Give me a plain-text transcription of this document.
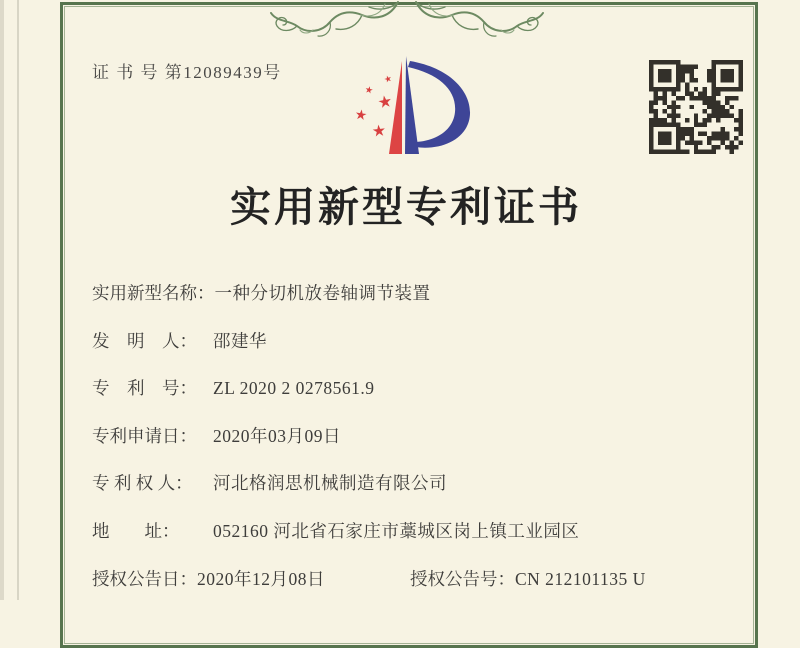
证 书 号 第12089439号
实用新型专利证书
实用新型名称：一种分切机放卷轴调节装置
发　明　人： 邵建华
专　利　号： ZL 2020 2 0278561.9
专利申请日： 2020年03月09日
专 利 权 人： 河北格润思机械制造有限公司
地　　址： 052160 河北省石家庄市藁城区岗上镇工业园区
授权公告日：2020年12月08日	授权公告号：CN 212101135 U
